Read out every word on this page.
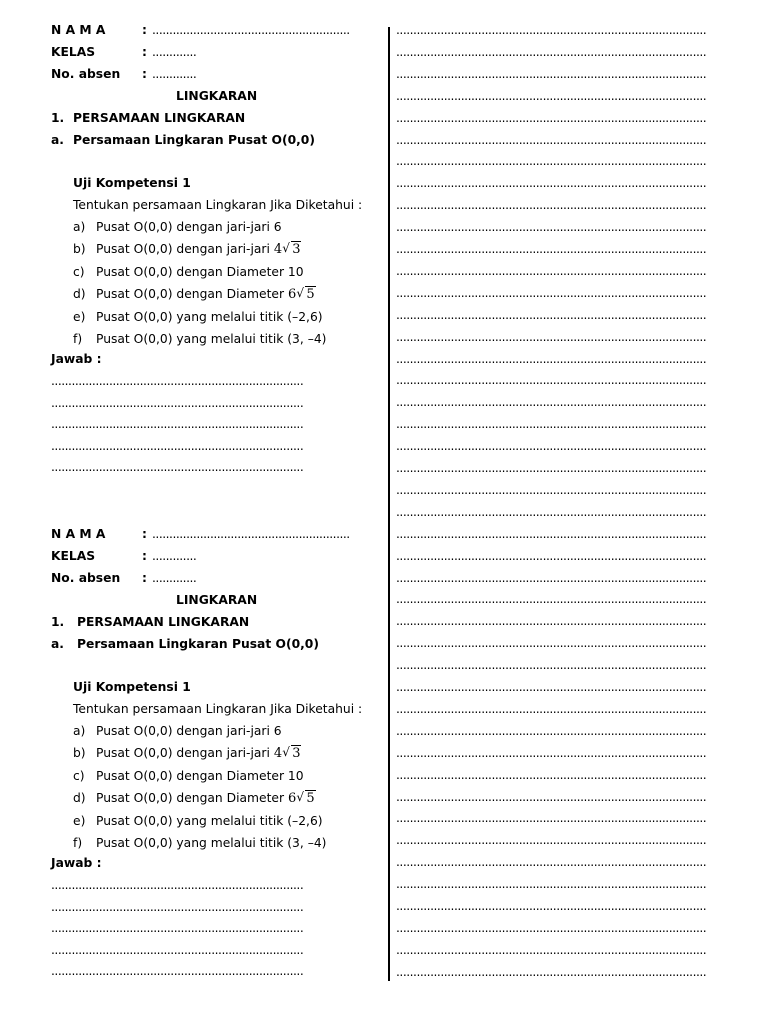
N A M A	: ..........................................................
KELAS	: .............
No. absen : .............
LINGKARAN
1. PERSAMAAN LINGKARAN
a. Persamaan Lingkaran Pusat O(0,0)
Uji Kompetensi 1
Tentukan persamaan Lingkaran Jika Diketahui :
a) Pusat O(0,0) dengan jari-jari 6
b) Pusat O(0,0) dengan jari-jari 4 √ 3
c) Pusat O(0,0) dengan Diameter 10
d) Pusat O(0,0) dengan Diameter 6 √ 5
e) Pusat O(0,0) yang melalui titik (–2,6)
f) Pusat O(0,0) yang melalui titik (3, –4)
Jawab :
..........................................................................
..........................................................................
..........................................................................
..........................................................................
..........................................................................
N A M A	: ..........................................................
KELAS	: .............
No. absen : .............
LINGKARAN
1. PERSAMAAN LINGKARAN
a. Persamaan Lingkaran Pusat O(0,0)
Uji Kompetensi 1
Tentukan persamaan Lingkaran Jika Diketahui :
a) Pusat O(0,0) dengan jari-jari 6
b) Pusat O(0,0) dengan jari-jari 4 √ 3
c) Pusat O(0,0) dengan Diameter 10
d) Pusat O(0,0) dengan Diameter 6 √ 5
e) Pusat O(0,0) yang melalui titik (–2,6)
f) Pusat O(0,0) yang melalui titik (3, –4)
Jawab :
..........................................................................
..........................................................................
..........................................................................
..........................................................................
..........................................................................
...........................................................................................
...........................................................................................
...........................................................................................
...........................................................................................
...........................................................................................
...........................................................................................
...........................................................................................
...........................................................................................
...........................................................................................
...........................................................................................
...........................................................................................
...........................................................................................
...........................................................................................
...........................................................................................
...........................................................................................
...........................................................................................
...........................................................................................
...........................................................................................
...........................................................................................
...........................................................................................
...........................................................................................
...........................................................................................
...........................................................................................
...........................................................................................
...........................................................................................
...........................................................................................
...........................................................................................
...........................................................................................
...........................................................................................
...........................................................................................
...........................................................................................
...........................................................................................
...........................................................................................
...........................................................................................
...........................................................................................
...........................................................................................
...........................................................................................
...........................................................................................
...........................................................................................
...........................................................................................
...........................................................................................
...........................................................................................
...........................................................................................
...........................................................................................
